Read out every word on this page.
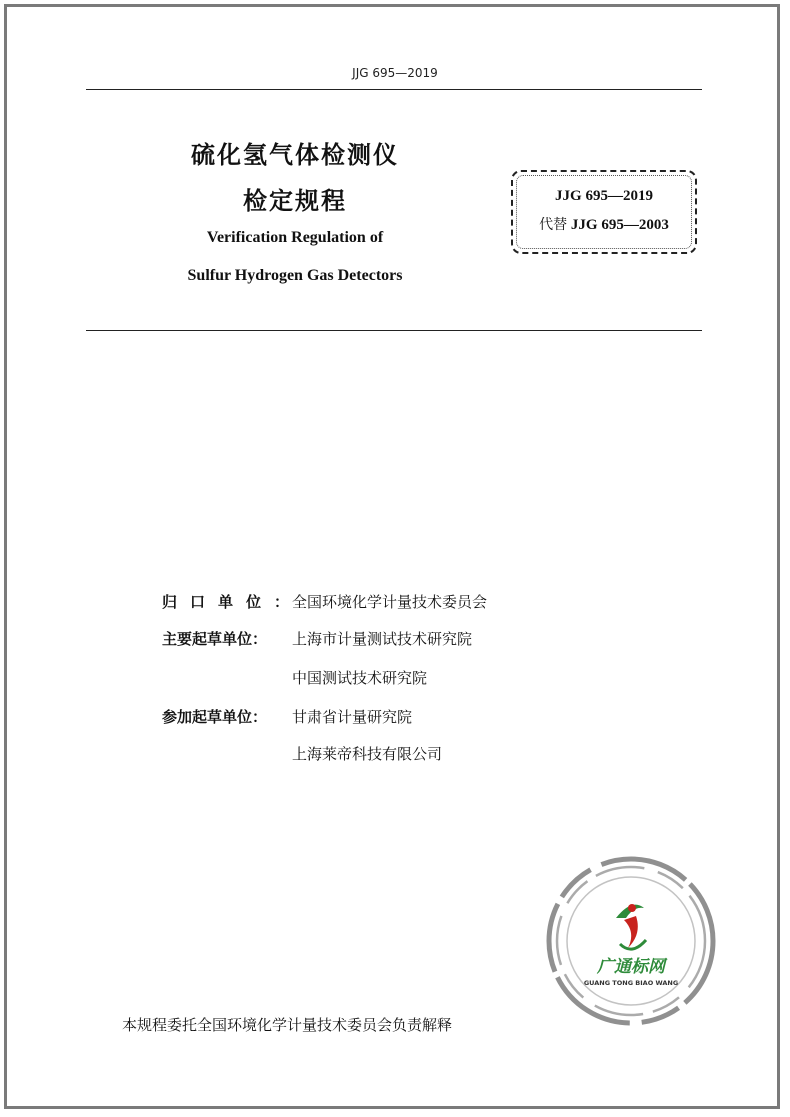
JJG 695—2019
硫化氢气体检测仪
检定规程
Verification Regulation of
Sulfur Hydrogen Gas Detectors
JJG 695—2019
代替 JJG 695—2003
归口单位：
全国环境化学计量技术委员会
主要起草单位：	上海市计量测试技术研究院
中国测试技术研究院
参加起草单位：	甘肃省计量研究院
上海莱帝科技有限公司
广通标网
GUANG TONG BIAO WANG
本规程委托全国环境化学计量技术委员会负责解释
